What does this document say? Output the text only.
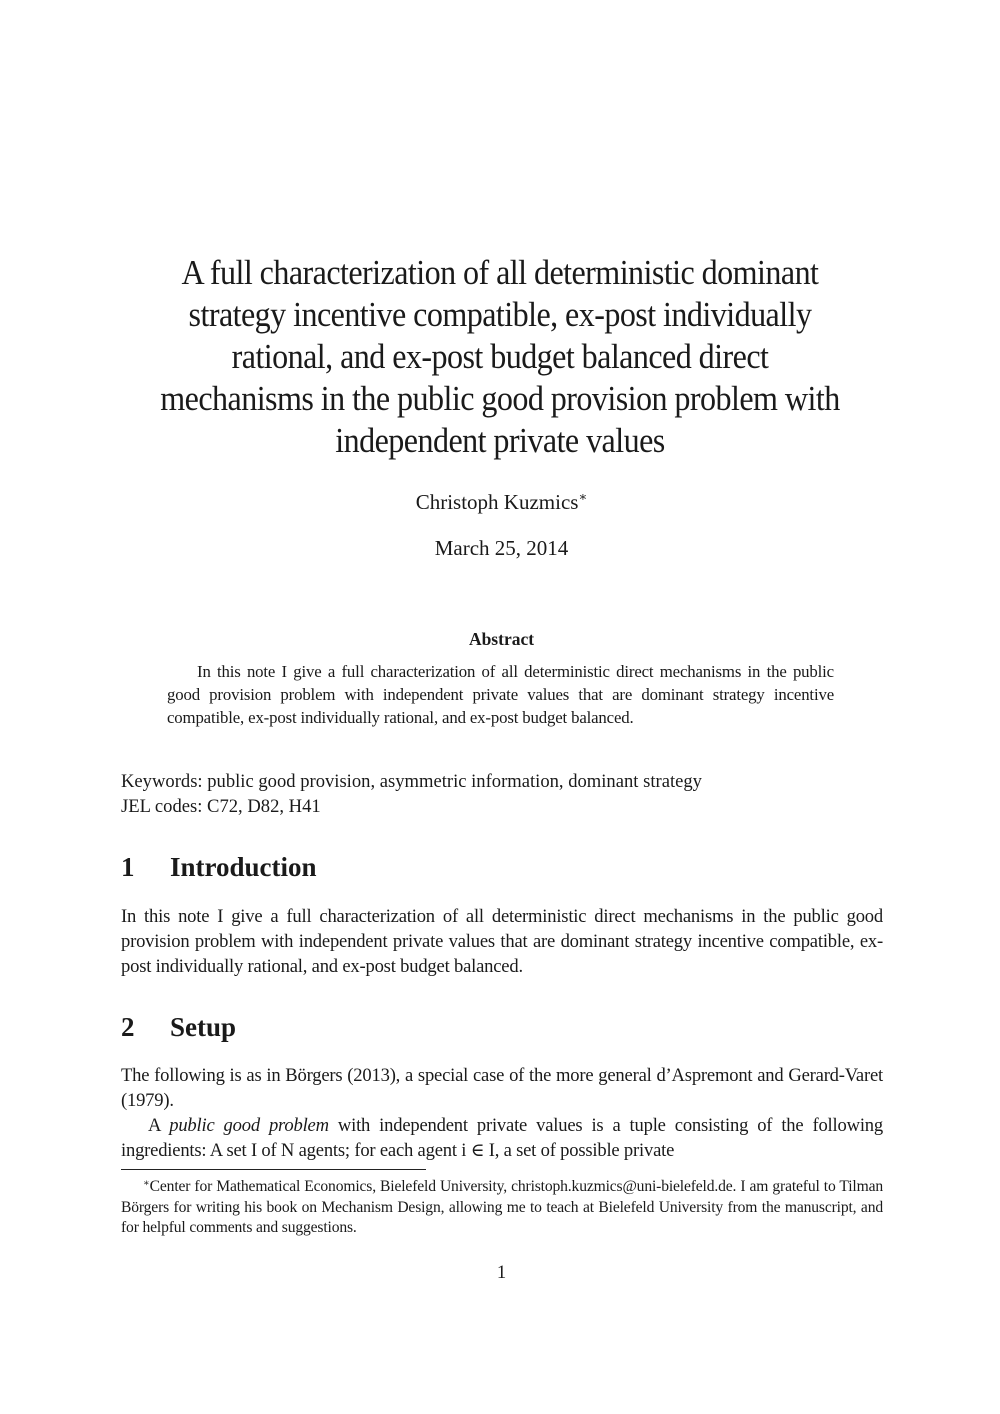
A full characterization of all deterministic dominant
strategy incentive compatible, ex-post individually
rational, and ex-post budget balanced direct
mechanisms in the public good provision problem with
independent private values
Christoph Kuzmics∗
March 25, 2014
Abstract
In this note I give a full characterization of all deterministic direct mechanisms in the public good provision problem with independent private values that are dominant strategy incentive compatible, ex-post individually rational, and ex-post budget balanced.
Keywords: public good provision, asymmetric information, dominant strategy
JEL codes: C72, D82, H41
1 Introduction
In this note I give a full characterization of all deterministic direct mechanisms in the public good provision problem with independent private values that are dominant strategy incentive compatible, ex-post individually rational, and ex-post budget balanced.
2 Setup
The following is as in Börgers (2013), a special case of the more general d’Aspremont and Gerard-Varet (1979).
A public good problem with independent private values is a tuple consisting of the following ingredients: A set I of N agents; for each agent i ∈ I, a set of possible private
∗Center for Mathematical Economics, Bielefeld University, christoph.kuzmics@uni-bielefeld.de. I am grateful to Tilman Börgers for writing his book on Mechanism Design, allowing me to teach at Bielefeld University from the manuscript, and for helpful comments and suggestions.
1
